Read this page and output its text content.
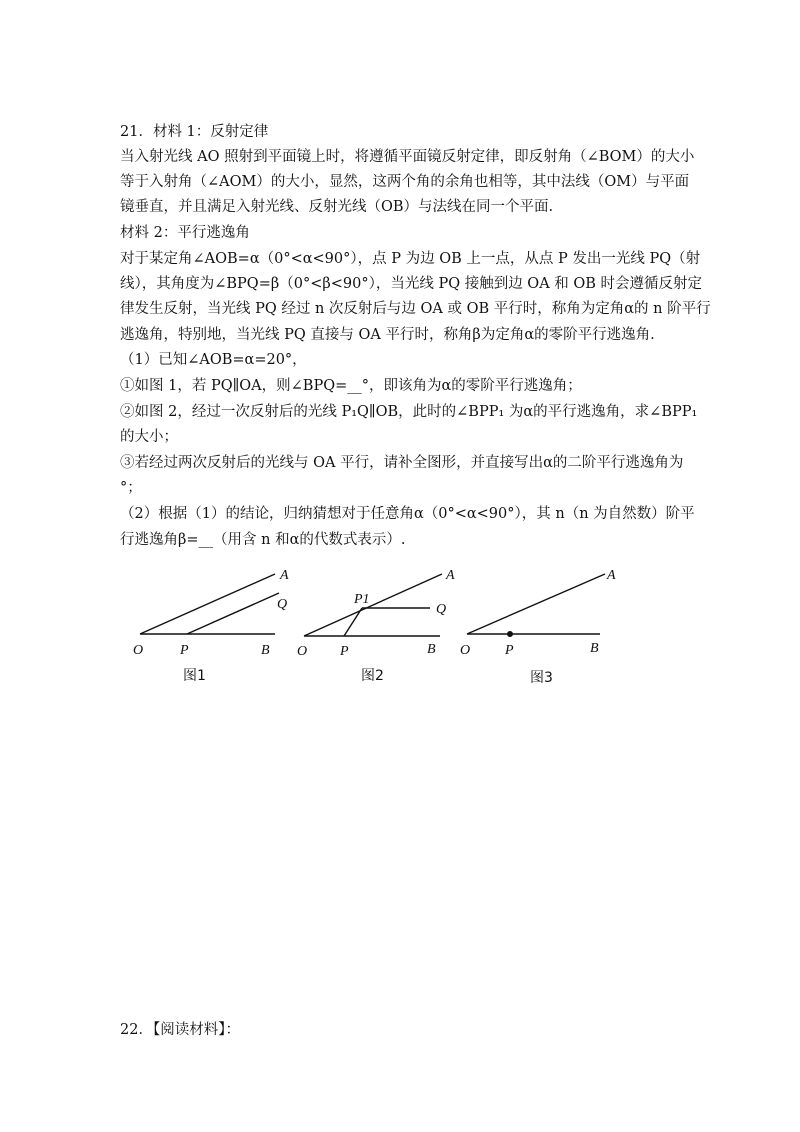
21．材料 1：反射定律
当入射光线 AO 照射到平面镜上时，将遵循平面镜反射定律，即反射角（∠BOM）的大小
等于入射角（∠AOM）的大小，显然，这两个角的余角也相等，其中法线（OM）与平面
镜垂直，并且满足入射光线、反射光线（OB）与法线在同一个平面.
材料 2：平行逃逸角
对于某定角∠AOB=α（0°<α<90°），点 P 为边 OB 上一点，从点 P 发出一光线 PQ（射
线），其角度为∠BPQ=β（0°<β<90°），当光线 PQ 接触到边 OA 和 OB 时会遵循反射定
律发生反射，当光线 PQ 经过 n 次反射后与边 OA 或 OB 平行时，称角为定角α的 n 阶平行
逃逸角，特别地，当光线 PQ 直接与 OA 平行时，称角β为定角α的零阶平行逃逸角.
（1）已知∠AOB=α=20°，
①如图 1，若 PQ∥OA，则∠BPQ=__°，即该角为α的零阶平行逃逸角；
②如图 2，经过一次反射后的光线 P₁Q∥OB，此时的∠BPP₁ 为α的平行逃逸角，求∠BPP₁
的大小；
③若经过两次反射后的光线与 OA 平行，请补全图形，并直接写出α的二阶平行逃逸角为
°；
（2）根据（1）的结论，归纳猜想对于任意角α（0°<α<90°），其 n（n 为自然数）阶平
行逃逸角β=__（用含 n 和α的代数式表示）.
A
Q
O	P	B
图1
A
P1
Q
O P	B
图2
A
O P	B
图3
22．【阅读材料】：
